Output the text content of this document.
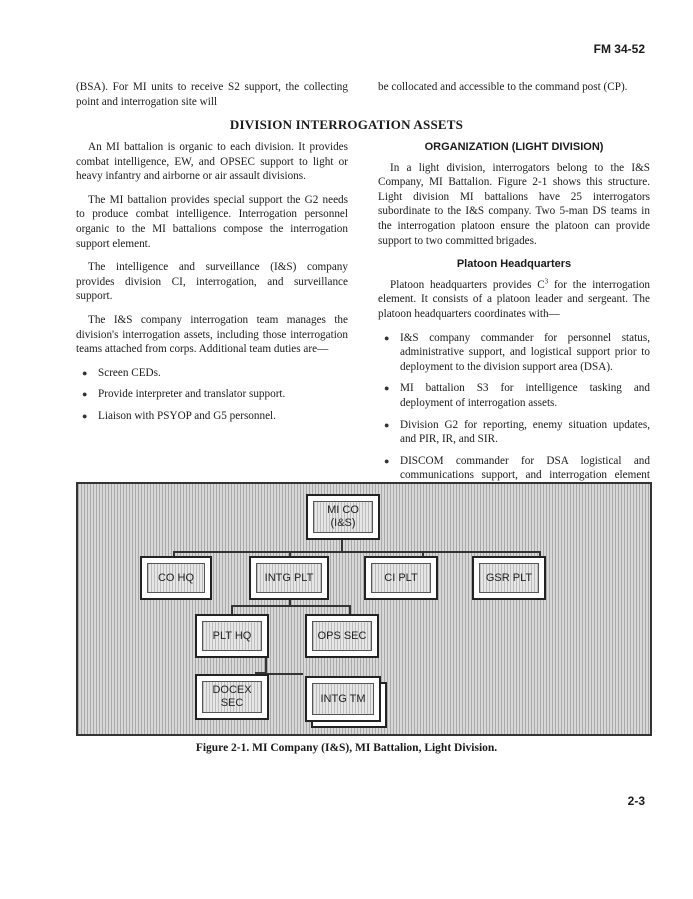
FM 34-52

(BSA). For MI units to receive S2 support, the collecting point and interrogation site will

be collocated and accessible to the command post (CP).

DIVISION INTERROGATION ASSETS

An MI battalion is organic to each division. It provides combat intelligence, EW, and OPSEC support to light or heavy infantry and airborne or air assault divisions.

The MI battalion provides special support the G2 needs to produce combat intelligence. Interrogation personnel organic to the MI battalions compose the interrogation support element.

The intelligence and surveillance (I&S) company provides division CI, interrogation, and surveillance support.

The I&S company interrogation team manages the division's interrogation assets, including those interrogation teams attached from corps. Additional team duties are—

● Screen CEDs.
● Provide interpreter and translator support.
● Liaison with PSYOP and G5 personnel.
ORGANIZATION (LIGHT DIVISION)

In a light division, interrogators belong to the I&S Company, MI Battalion. Figure 2-1 shows this structure. Light division MI battalions have 25 interrogators subordinate to the I&S company. Two 5-man DS teams in the interrogation platoon ensure the platoon can provide support to two committed brigades.

Platoon Headquarters

Platoon headquarters provides $C^3$ for the interrogation element. It consists of a platoon leader and sergeant. The platoon headquarters coordinates with—

● I&S company commander for personnel status, administrative support, and logistical support prior to deployment to the division support area (DSA).
● MI battalion S3 for intelligence tasking and deployment of interrogation assets.
● Division G2 for reporting, enemy situation updates, and PIR, IR, and SIR.
● DISCOM commander for DSA logistical and communications support, and interrogation element
MI CO
(I&S)
CO HQ	INTG PLT	CI PLT	GSR PLT
PLT HQ	OPS SEC
DOCEX
SEC	INTG TM
Figure 2-1. MI Company (I&S), MI Battalion, Light Division.
2-3
